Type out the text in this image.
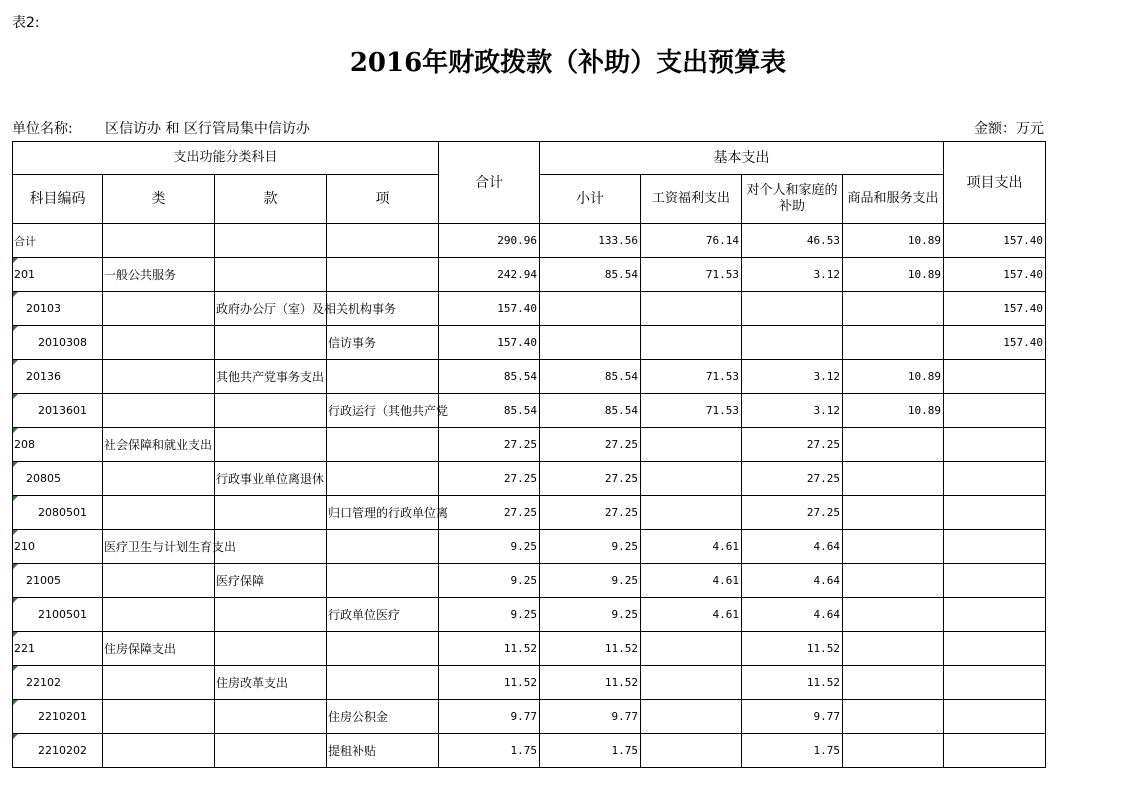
表2:
2016年财政拨款（补助）支出预算表
单位名称: 区信访办 和 区行管局集中信访办	金额：万元
支出功能分类科目				合计	基本支出				项目支出
科目编码	类	款	项		小计	工资福利支出	对个人和家庭的补助	商品和服务支出	
合计				290.96	133.56	76.14	46.53	10.89	157.40
201	一般公共服务			242.94	85.54	71.53	3.12	10.89	157.40
20103		政府办公厅（室）及相关机构事务		157.40					157.40
2010308			信访事务	157.40					157.40
20136		其他共产党事务支出		85.54	85.54	71.53	3.12	10.89	
2013601			行政运行（其他共产党	85.54	85.54	71.53	3.12	10.89	
208	社会保障和就业支出			27.25	27.25		27.25		
20805		行政事业单位离退休		27.25	27.25		27.25		
2080501			归口管理的行政单位离	27.25	27.25		27.25		
210	医疗卫生与计划生育支出			9.25	9.25	4.61	4.64		
21005		医疗保障		9.25	9.25	4.61	4.64		
2100501			行政单位医疗	9.25	9.25	4.61	4.64		
221	住房保障支出			11.52	11.52		11.52		
22102		住房改革支出		11.52	11.52		11.52		
2210201			住房公积金	9.77	9.77		9.77		
2210202			提租补贴	1.75	1.75		1.75		
